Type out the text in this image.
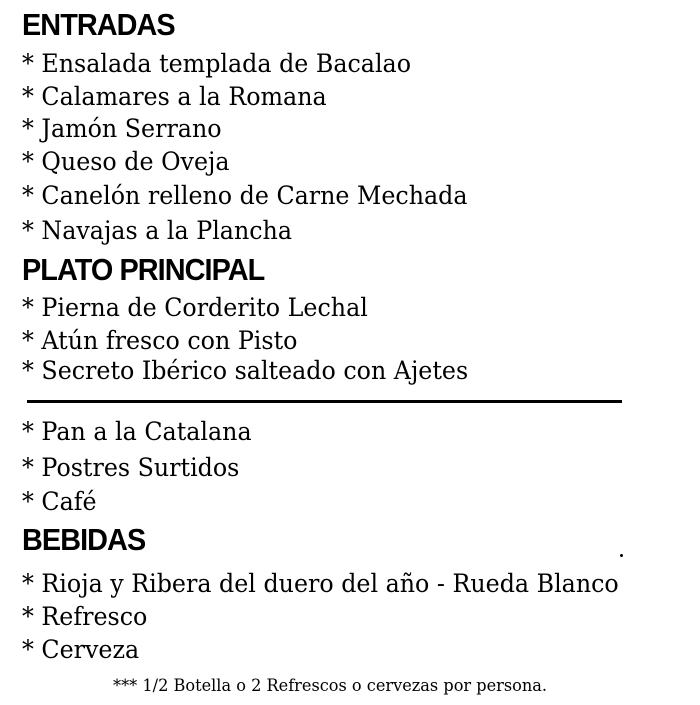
ENTRADAS

* Ensalada templada de Bacalao

* Calamares a la Romana

* Jamón Serrano

* Queso de Oveja

* Canelón relleno de Carne Mechada

* Navajas a la Plancha

PLATO PRINCIPAL

* Pierna de Corderito Lechal

* Atún fresco con Pisto

* Secreto Ibérico salteado con Ajetes

* Pan a la Catalana

* Postres Surtidos

* Café

BEBIDAS

* Rioja y Ribera del duero del año - Rueda Blanco

* Refresco

* Cerveza

*** 1/2 Botella o 2 Refrescos o cervezas por persona.
